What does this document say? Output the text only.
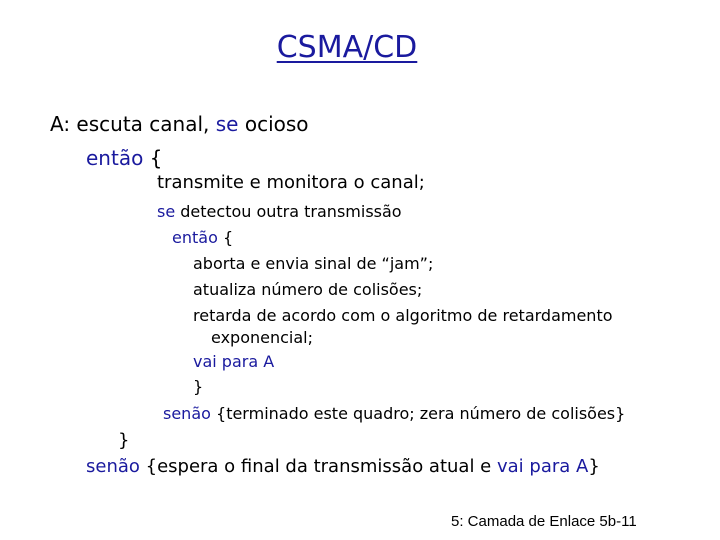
CSMA/CD
A: escuta canal, se ocioso
então {
transmite e monitora o canal;
se detectou outra transmissão
então {
aborta e envia sinal de “jam”;
atualiza número de colisões;
retarda de acordo com o algoritmo de retardamento
exponencial;
vai para A
}
senão {terminado este quadro; zera número de colisões}
}
senão {espera o final da transmissão atual e vai para A}
5: Camada de Enlace 5b-11
